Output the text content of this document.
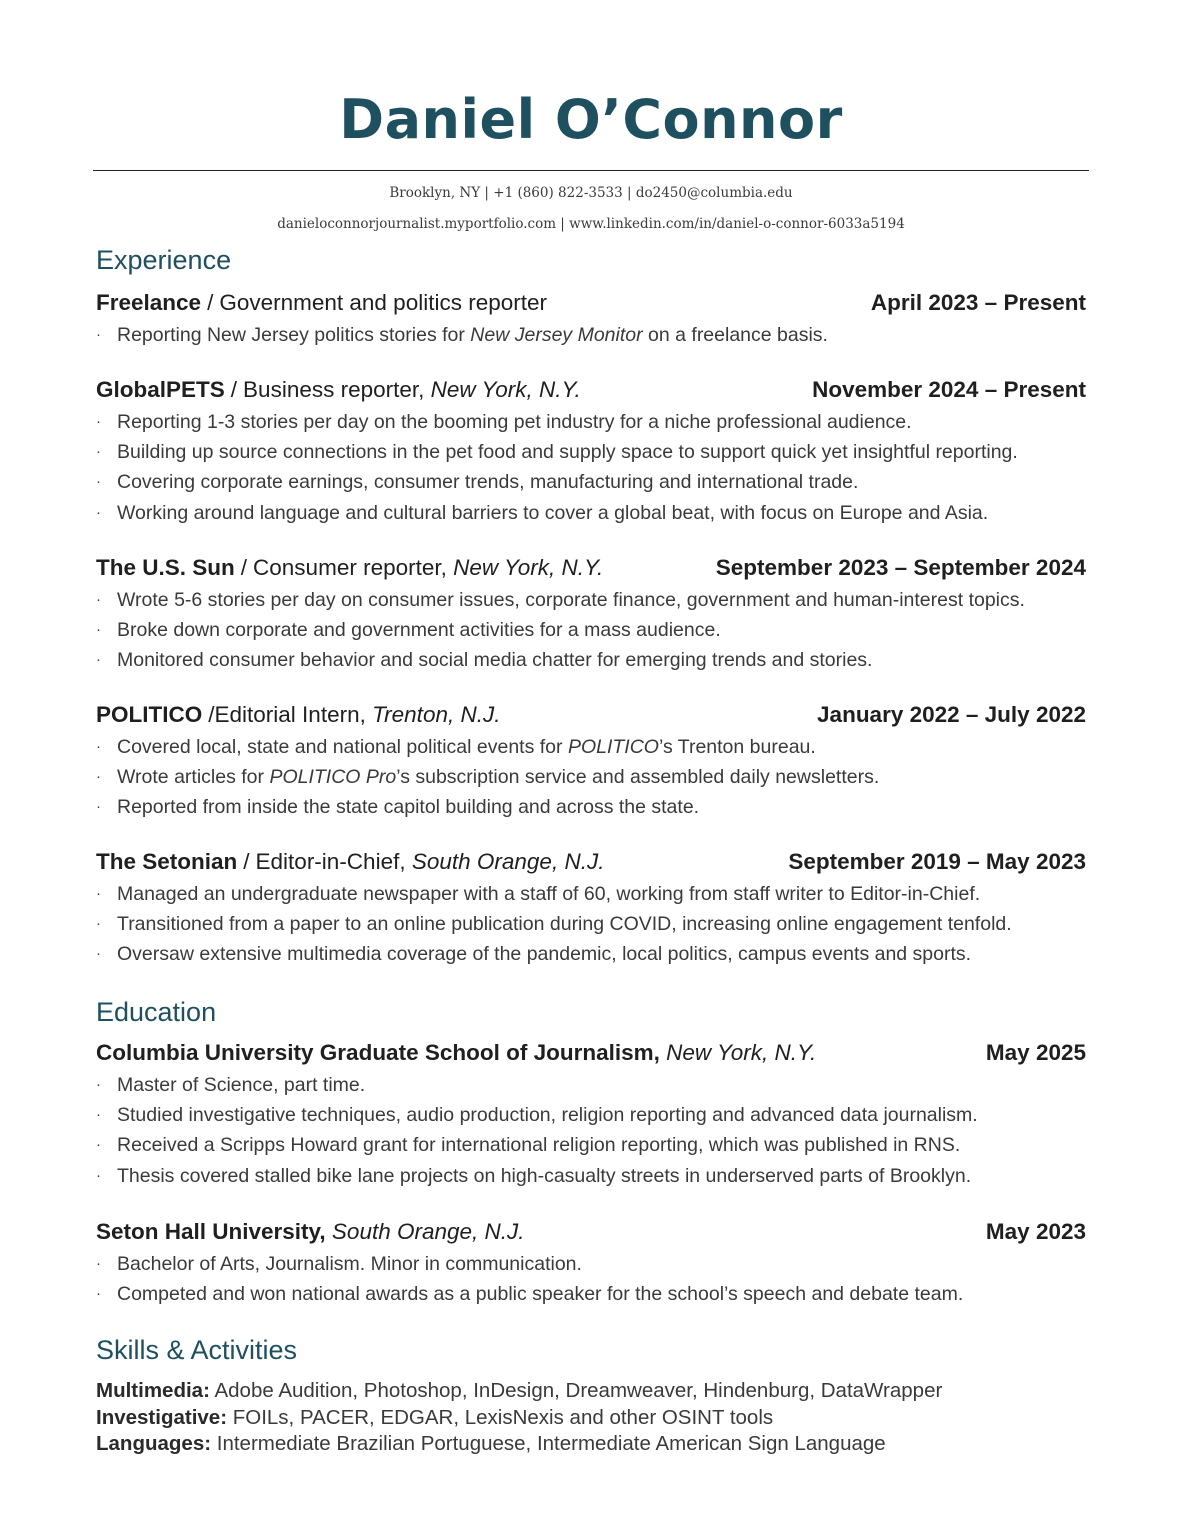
Daniel O’Connor
Brooklyn, NY | +1 (860) 822-3533 | do2450@columbia.edu
danieloconnorjournalist.myportfolio.com | www.linkedin.com/in/daniel-o-connor-6033a5194
Experience
Freelance / Government and politics reporter	April 2023 – Present
· Reporting New Jersey politics stories for New Jersey Monitor on a freelance basis.
GlobalPETS / Business reporter, New York, N.Y.	November 2024 – Present
· Reporting 1-3 stories per day on the booming pet industry for a niche professional audience.
· Building up source connections in the pet food and supply space to support quick yet insightful reporting.
· Covering corporate earnings, consumer trends, manufacturing and international trade.
· Working around language and cultural barriers to cover a global beat, with focus on Europe and Asia.
The U.S. Sun / Consumer reporter, New York, N.Y.	September 2023 – September 2024
· Wrote 5-6 stories per day on consumer issues, corporate finance, government and human-interest topics.
· Broke down corporate and government activities for a mass audience.
· Monitored consumer behavior and social media chatter for emerging trends and stories.
POLITICO /Editorial Intern, Trenton, N.J.	January 2022 – July 2022
· Covered local, state and national political events for POLITICO’s Trenton bureau.
· Wrote articles for POLITICO Pro’s subscription service and assembled daily newsletters.
· Reported from inside the state capitol building and across the state.
The Setonian / Editor-in-Chief, South Orange, N.J.	September 2019 – May 2023
· Managed an undergraduate newspaper with a staff of 60, working from staff writer to Editor-in-Chief.
· Transitioned from a paper to an online publication during COVID, increasing online engagement tenfold.
· Oversaw extensive multimedia coverage of the pandemic, local politics, campus events and sports.
Education
Columbia University Graduate School of Journalism, New York, N.Y.	May 2025
· Master of Science, part time.
· Studied investigative techniques, audio production, religion reporting and advanced data journalism.
· Received a Scripps Howard grant for international religion reporting, which was published in RNS.
· Thesis covered stalled bike lane projects on high-casualty streets in underserved parts of Brooklyn.
Seton Hall University, South Orange, N.J.	May 2023
· Bachelor of Arts, Journalism. Minor in communication.
· Competed and won national awards as a public speaker for the school’s speech and debate team.
Skills & Activities
Multimedia: Adobe Audition, Photoshop, InDesign, Dreamweaver, Hindenburg, DataWrapper
Investigative: FOILs, PACER, EDGAR, LexisNexis and other OSINT tools
Languages: Intermediate Brazilian Portuguese, Intermediate American Sign Language
